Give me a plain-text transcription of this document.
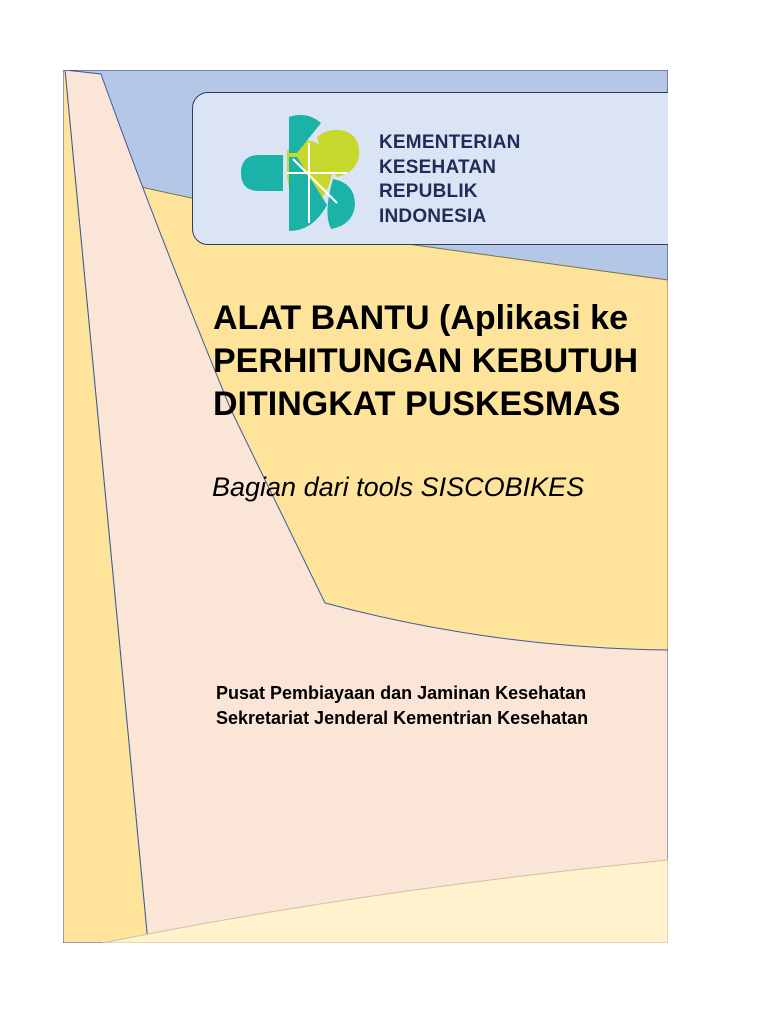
KEMENTERIAN
KESEHATAN
REPUBLIK
INDONESIA
ALAT BANTU (Aplikasi ke
PERHITUNGAN KEBUTUH
DITINGKAT PUSKESMAS
Bagian dari tools SISCOBIKES
Pusat Pembiayaan dan Jaminan Kesehatan
Sekretariat Jenderal Kementrian Kesehatan
